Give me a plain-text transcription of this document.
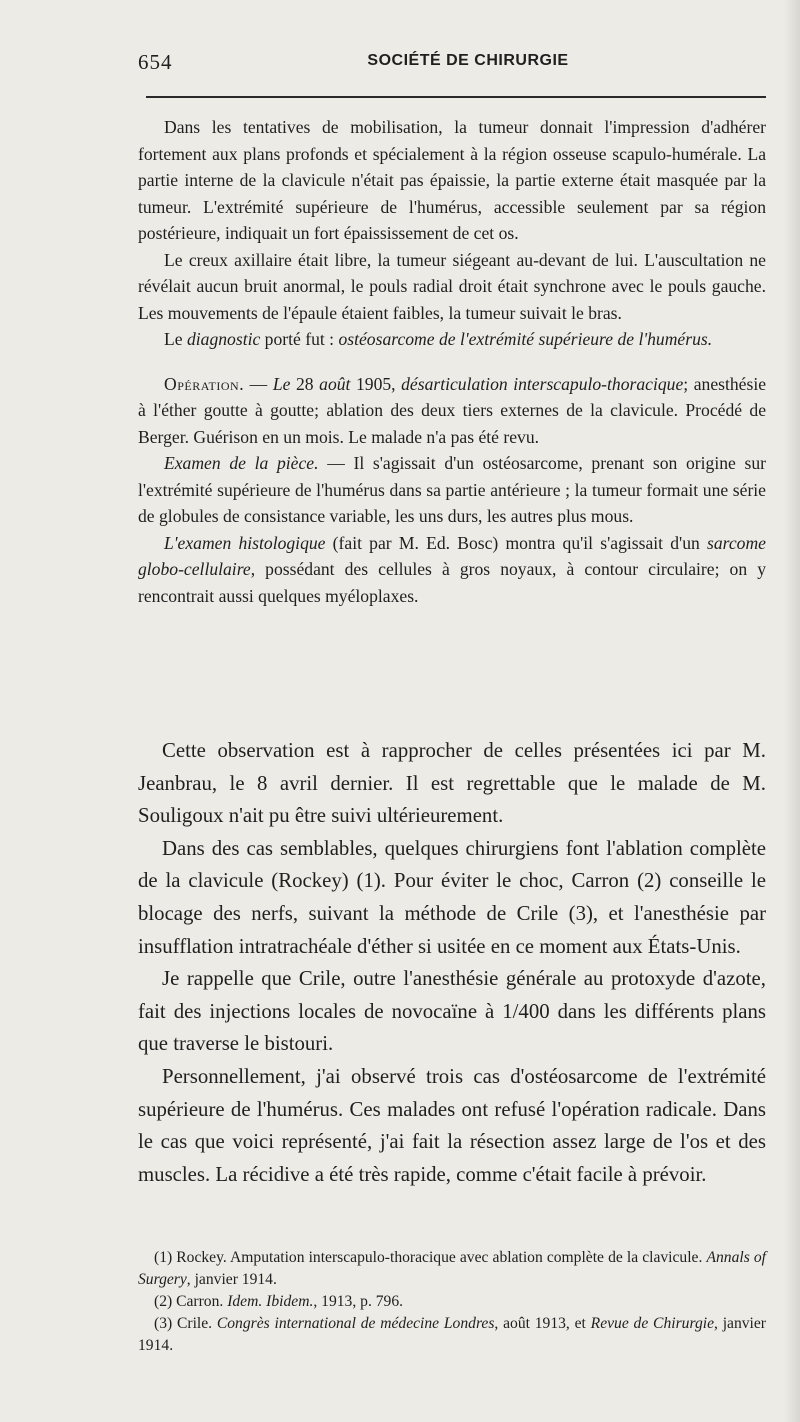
654	SOCIÉTÉ DE CHIRURGIE

Dans les tentatives de mobilisation, la tumeur donnait l'impression d'adhérer fortement aux plans profonds et spécialement à la région osseuse scapulo-humérale. La partie interne de la clavicule n'était pas épaissie, la partie externe était masquée par la tumeur. L'extrémité supérieure de l'humérus, accessible seulement par sa région postérieure, indiquait un fort épaississement de cet os.

Le creux axillaire était libre, la tumeur siégeant au-devant de lui. L'auscultation ne révélait aucun bruit anormal, le pouls radial droit était synchrone avec le pouls gauche. Les mouvements de l'épaule étaient faibles, la tumeur suivait le bras.

Le diagnostic porté fut : ostéosarcome de l'extrémité supérieure de l'humérus.

Opération. — Le 28 août 1905, désarticulation interscapulo-thoracique; anesthésie à l'éther goutte à goutte; ablation des deux tiers externes de la clavicule. Procédé de Berger. Guérison en un mois. Le malade n'a pas été revu.

Examen de la pièce. — Il s'agissait d'un ostéosarcome, prenant son origine sur l'extrémité supérieure de l'humérus dans sa partie antérieure ; la tumeur formait une série de globules de consistance variable, les uns durs, les autres plus mous.

L'examen histologique (fait par M. Ed. Bosc) montra qu'il s'agissait d'un sarcome globo-cellulaire, possédant des cellules à gros noyaux, à contour circulaire; on y rencontrait aussi quelques myéloplaxes.

Cette observation est à rapprocher de celles présentées ici par M. Jeanbrau, le 8 avril dernier. Il est regrettable que le malade de M. Souligoux n'ait pu être suivi ultérieurement.

Dans des cas semblables, quelques chirurgiens font l'ablation complète de la clavicule (Rockey) (1). Pour éviter le choc, Carron (2) conseille le blocage des nerfs, suivant la méthode de Crile (3), et l'anesthésie par insufflation intratrachéale d'éther si usitée en ce moment aux États-Unis.

Je rappelle que Crile, outre l'anesthésie générale au protoxyde d'azote, fait des injections locales de novocaïne à 1/400 dans les différents plans que traverse le bistouri.

Personnellement, j'ai observé trois cas d'ostéosarcome de l'extrémité supérieure de l'humérus. Ces malades ont refusé l'opération radicale. Dans le cas que voici représenté, j'ai fait la résection assez large de l'os et des muscles. La récidive a été très rapide, comme c'était facile à prévoir.

(1) Rockey. Amputation interscapulo-thoracique avec ablation complète de la clavicule. Annals of Surgery, janvier 1914.

(2) Carron. Idem. Ibidem., 1913, p. 796.

(3) Crile. Congrès international de médecine Londres, août 1913, et Revue de Chirurgie, janvier 1914.
